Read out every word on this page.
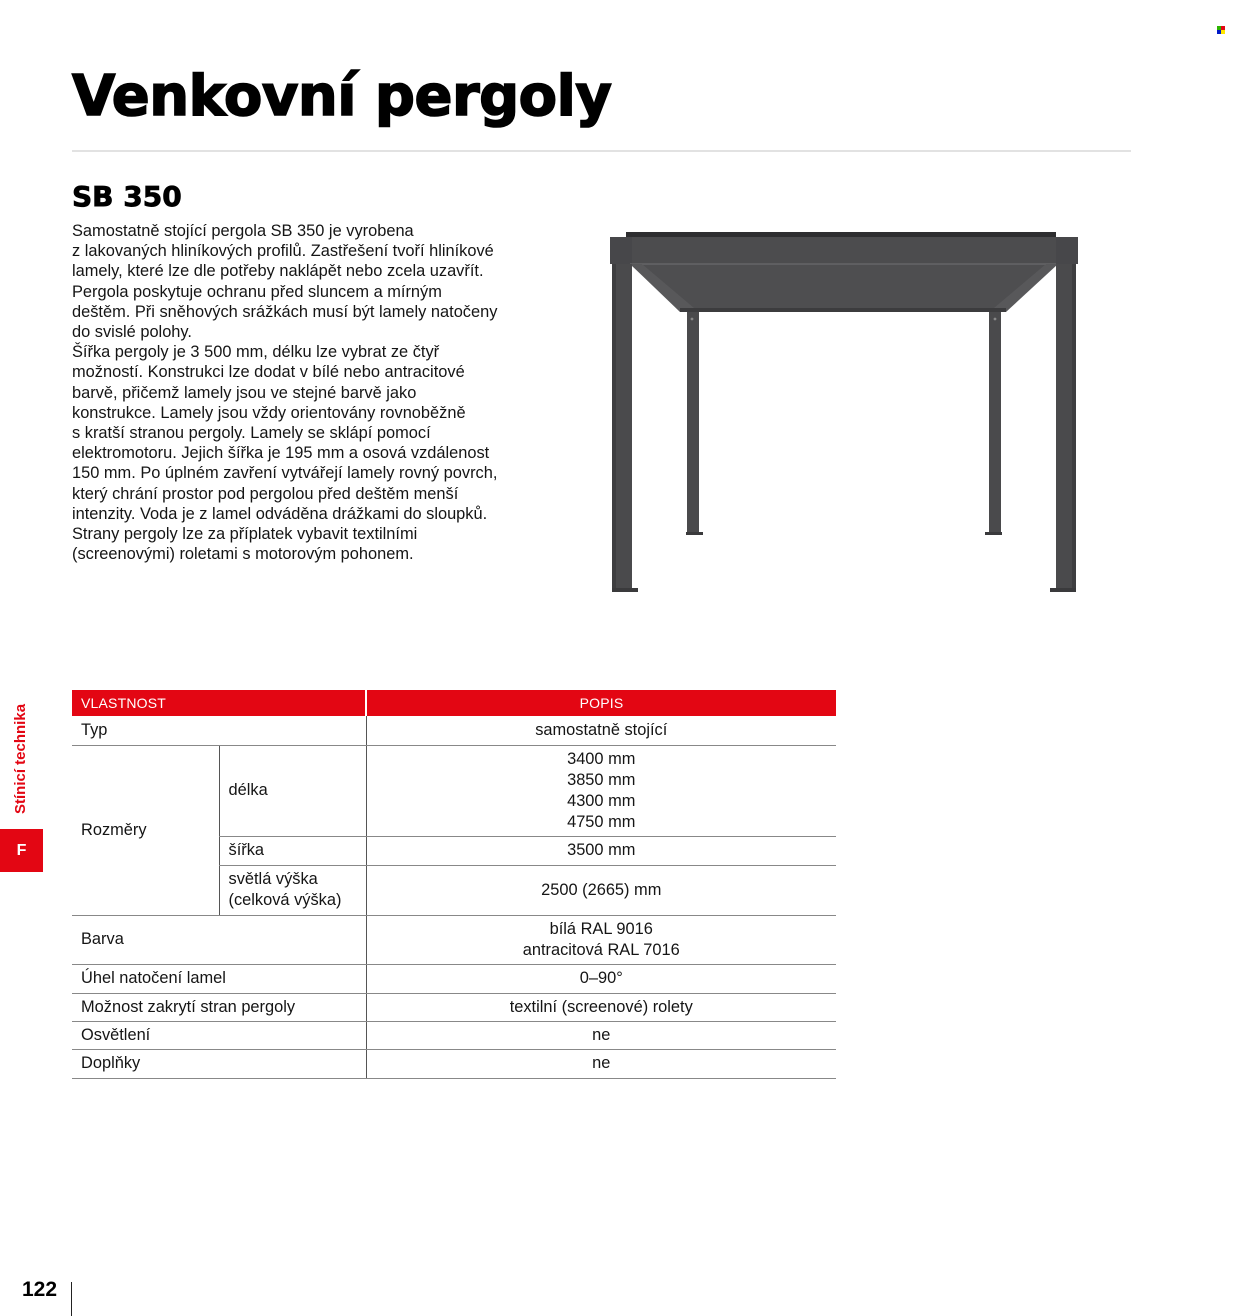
Venkovní pergoly
SB 350

Samostatně stojící pergola SB 350 je vyrobena

z lakovaných hliníkových profilů. Zastřešení tvoří hliníkové

lamely, které lze dle potřeby naklápět nebo zcela uzavřít.

Pergola poskytuje ochranu před sluncem a mírným

deštěm. Při sněhových srážkách musí být lamely natočeny

do svislé polohy.

Šířka pergoly je 3 500 mm, délku lze vybrat ze čtyř

možností. Konstrukci lze dodat v bílé nebo antracitové

barvě, přičemž lamely jsou ve stejné barvě jako

konstrukce. Lamely jsou vždy orientovány rovnoběžně

s kratší stranou pergoly. Lamely se sklápí pomocí

elektromotoru. Jejich šířka je 195 mm a osová vzdálenost

150 mm. Po úplném zavření vytvářejí lamely rovný povrch,

který chrání prostor pod pergolou před deštěm menší

intenzity. Voda je z lamel odváděna drážkami do sloupků.

Strany pergoly lze za příplatek vybavit textilními

(screenovými) roletami s motorovým pohonem.

Stínicí technika
F
VLASTNOST		POPIS
Typ		samostatně stojící
Rozměry	délka	3400 mm
3850 mm
4300 mm
4750 mm

	šířka	3500 mm

	světlá výška
(celková výška)	2500 (2665) mm
Barva		bílá RAL 9016
antracitová RAL 7016

Úhel natočení lamel		0–90°
Možnost zakrytí stran pergoly		textilní (screenové) rolety
Osvětlení		ne
Doplňky		ne
122
